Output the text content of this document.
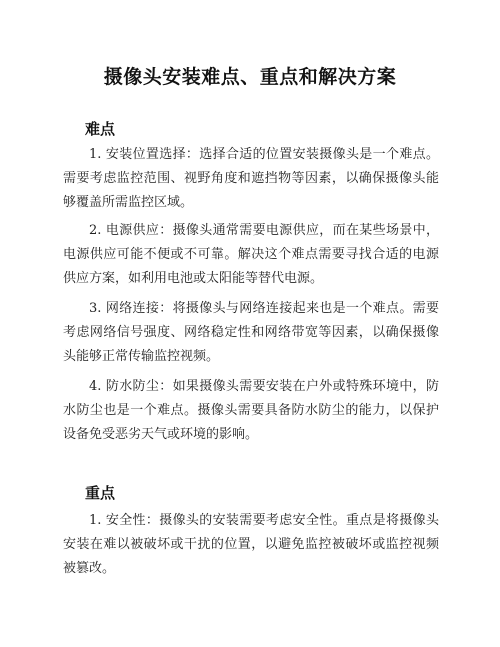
摄像头安装难点、重点和解决方案
难点

1. 安装位置选择：选择合适的位置安装摄像头是一个难点。需要考虑监控范围、视野角度和遮挡物等因素，以确保摄像头能够覆盖所需监控区域。

2. 电源供应：摄像头通常需要电源供应，而在某些场景中，电源供应可能不便或不可靠。解决这个难点需要寻找合适的电源供应方案，如利用电池或太阳能等替代电源。

3. 网络连接：将摄像头与网络连接起来也是一个难点。需要考虑网络信号强度、网络稳定性和网络带宽等因素，以确保摄像头能够正常传输监控视频。

4. 防水防尘：如果摄像头需要安装在户外或特殊环境中，防水防尘也是一个难点。摄像头需要具备防水防尘的能力，以保护设备免受恶劣天气或环境的影响。

重点

1. 安全性：摄像头的安装需要考虑安全性。重点是将摄像头安装在难以被破坏或干扰的位置，以避免监控被破坏或监控视频被篡改。
